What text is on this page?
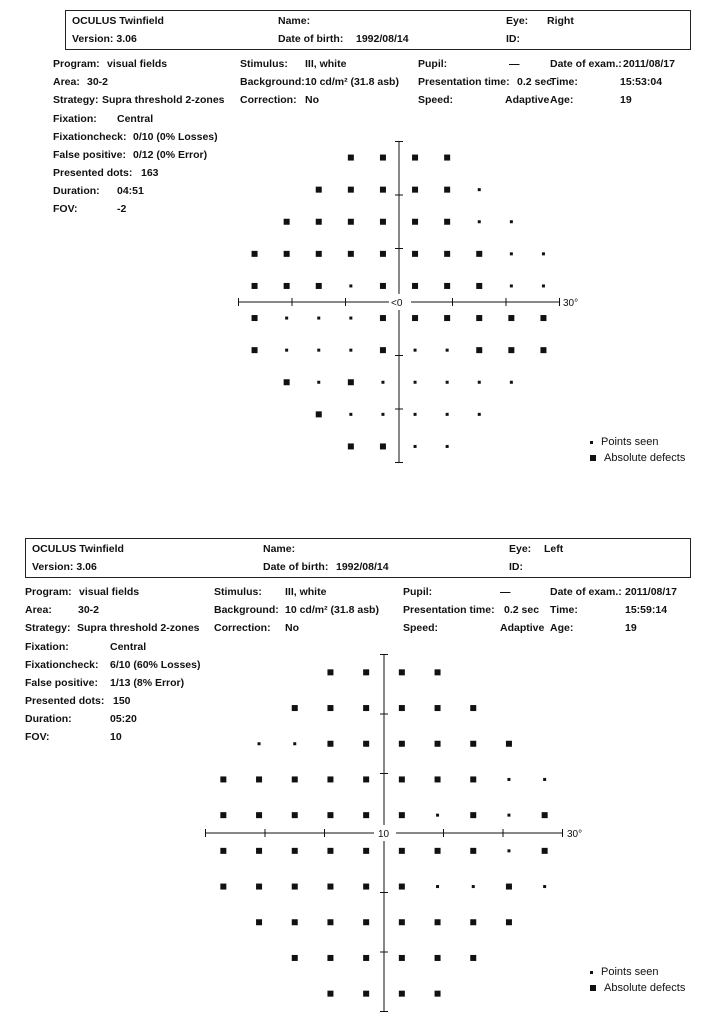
OCULUS Twinfield
Version: 3.06
Name:
Date of birth: 1992/08/14
Eye: Right
ID:
Program: visual fields
Area: 30-2
Strategy: Supra threshold 2-zones
Stimulus: III, white
Background: 10 cd/m² (31.8 asb)
Correction: No
Pupil:	—
Presentation time: 0.2 sec
Speed:	Adaptive
Date of exam.: 2011/08/17
Time:	15:53:04
Age:	19
Fixation: Central
Fixationcheck: 0/10 (0% Losses)
False positive: 0/12 (0% Error)
Presented dots: 163
Duration: 04:51
FOV:	-2
<0	30°
Points seen
Absolute defects
OCULUS Twinfield
Version: 3.06
Name:
Date of birth: 1992/08/14
Eye: Left
ID:
Program: visual fields
Area: 30-2
Strategy: Supra threshold 2-zones
Stimulus: III, white
Background: 10 cd/m² (31.8 asb)
Correction: No
Pupil:	—
Presentation time: 0.2 sec
Speed:	Adaptive
Date of exam.: 2011/08/17
Time:	15:59:14
Age:	19
Fixation:	Central
Fixationcheck: 6/10 (60% Losses)
False positive: 1/13 (8% Error)
Presented dots: 150
Duration:	05:20
FOV:	10
10	30°
Points seen
Absolute defects
